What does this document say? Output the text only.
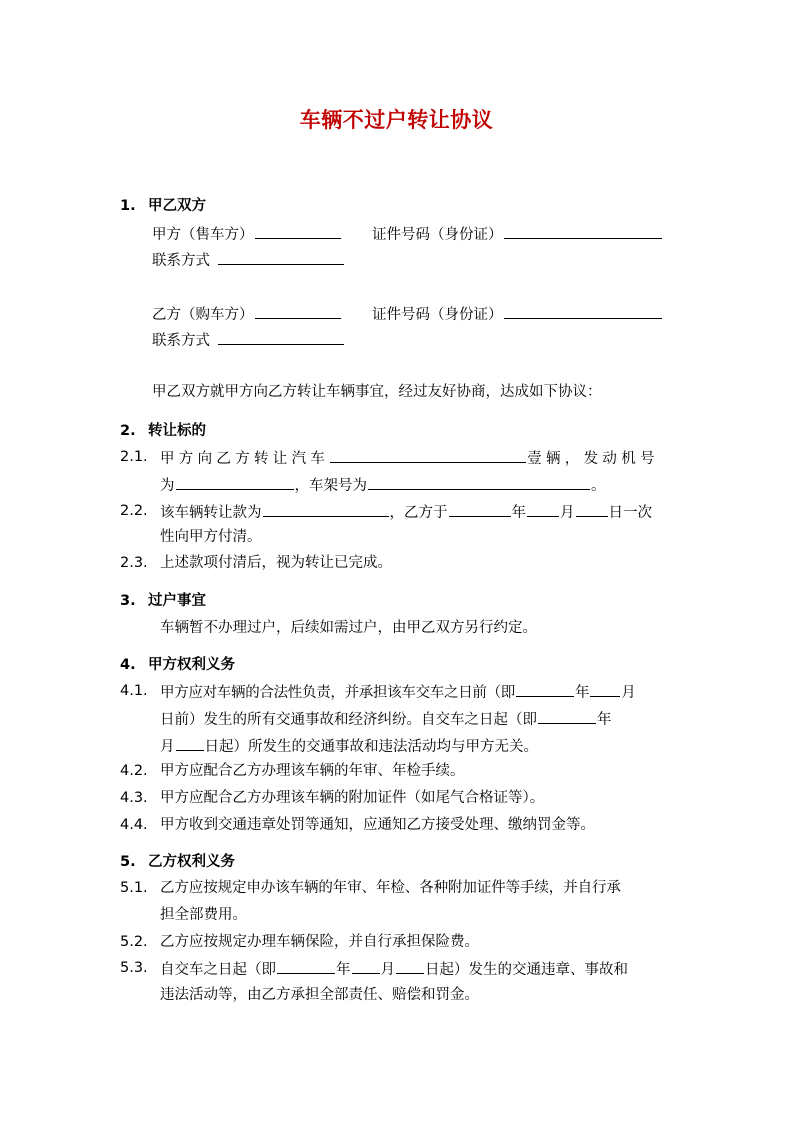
车辆不过户转让协议
1. 甲乙双方
甲方（售车方）	证件号码（身份证）
联系方式
乙方（购车方）	证件号码（身份证）
联系方式
甲乙双方就甲方向乙方转让车辆事宜，经过友好协商，达成如下协议：
2. 转让标的
2.1. 甲方向乙方转让汽车	壹辆，发动机号
为	，车架号为	。
2.2. 该车辆转让款为	，乙方于	年 月 日一次
性向甲方付清。
2.3. 上述款项付清后，视为转让已完成。
3. 过户事宜
车辆暂不办理过户，后续如需过户，由甲乙双方另行约定。
4. 甲方权利义务
4.1. 甲方应对车辆的合法性负责，并承担该车交车之日前（即	年 月
日前）发生的所有交通事故和经济纠纷。自交车之日起（即	年
月 日起）所发生的交通事故和违法活动均与甲方无关。
4.2. 甲方应配合乙方办理该车辆的年审、年检手续。
4.3. 甲方应配合乙方办理该车辆的附加证件（如尾气合格证等）。
4.4. 甲方收到交通违章处罚等通知，应通知乙方接受处理、缴纳罚金等。
5. 乙方权利义务
5.1. 乙方应按规定申办该车辆的年审、年检、各种附加证件等手续，并自行承
担全部费用。
5.2. 乙方应按规定办理车辆保险，并自行承担保险费。
5.3. 自交车之日起（即	年 月 日起）发生的交通违章、事故和
违法活动等，由乙方承担全部责任、赔偿和罚金。
